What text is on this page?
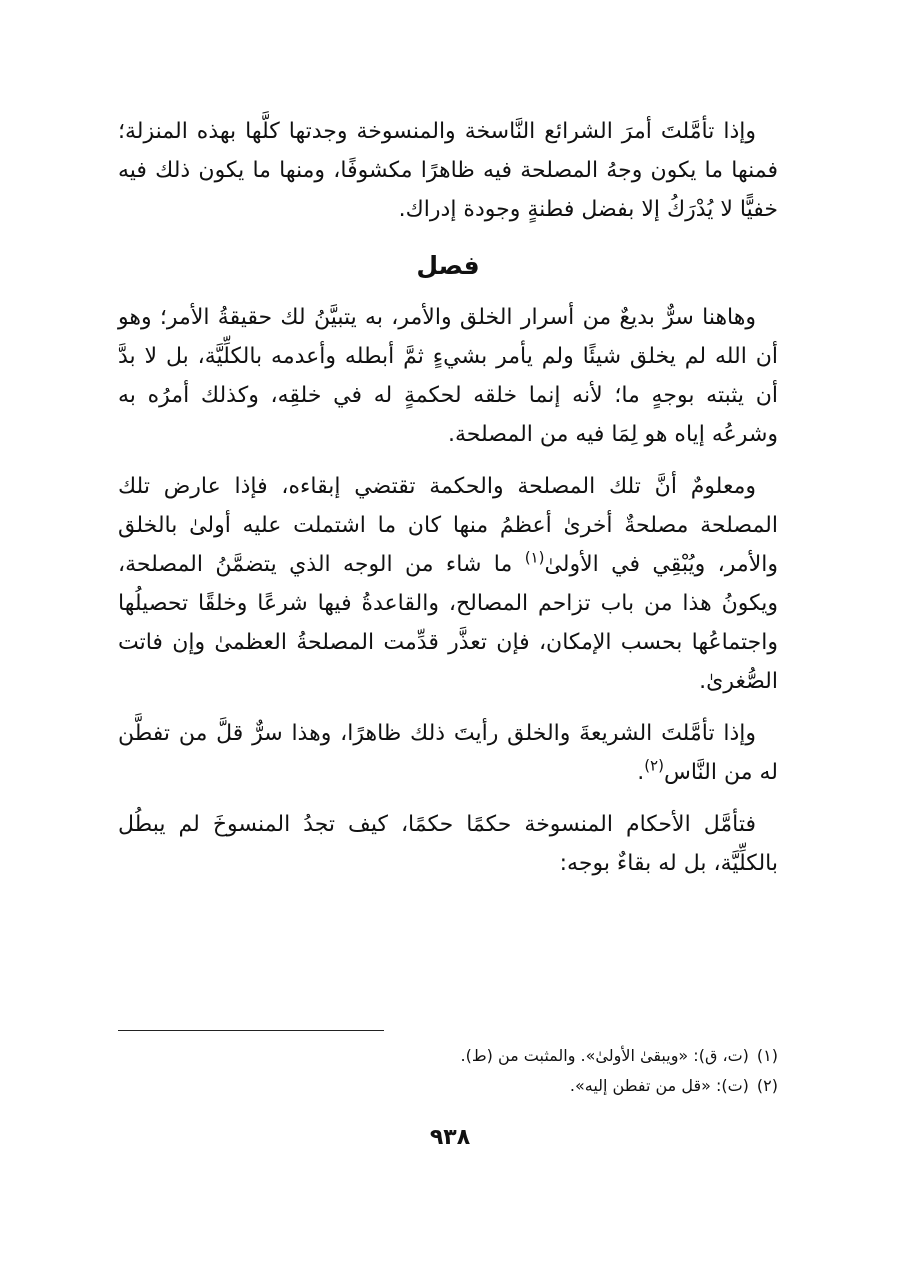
وإذا تأمَّلتَ أمرَ الشرائع النَّاسخة والمنسوخة وجدتها كلَّها بهذه المنزلة؛ فمنها ما يكون وجهُ المصلحة فيه ظاهرًا مكشوفًا، ومنها ما يكون ذلك فيه خفيًّا لا يُدْرَكُ إلا بفضل فطنةٍ وجودة إدراك.

فصل

وهاهنا سرٌّ بديعٌ من أسرار الخلق والأمر، به يتبيَّنُ لك حقيقةُ الأمر؛ وهو أن الله لم يخلق شيئًا ولم يأمر بشيءٍ ثمَّ أبطله وأعدمه بالكلِّيَّة، بل لا بدَّ أن يثبته بوجهٍ ما؛ لأنه إنما خلقه لحكمةٍ له في خلقِه، وكذلك أمرُه به وشرعُه إياه هو لِمَا فيه من المصلحة.

ومعلومٌ أنَّ تلك المصلحة والحكمة تقتضي إبقاءه، فإذا عارض تلك المصلحة مصلحةٌ أخرىٰ أعظمُ منها كان ما اشتملت عليه أولىٰ بالخلق والأمر، ويُبْقِي في الأولىٰ$^{(١)}$ ما شاء من الوجه الذي يتضمَّنُ المصلحة، ويكونُ هذا من باب تزاحم المصالح، والقاعدةُ فيها شرعًا وخلقًا تحصيلُها واجتماعُها بحسب الإمكان، فإن تعذَّر قدِّمت المصلحةُ العظمىٰ وإن فاتت الصُّغرىٰ.

وإذا تأمَّلتَ الشريعةَ والخلق رأيتَ ذلك ظاهرًا، وهذا سرٌّ قلَّ من تفطَّن له من النَّاس$^{(٢)}$.

فتأمَّل الأحكام المنسوخة حكمًا حكمًا، كيف تجدُ المنسوخَ لم يبطُل بالكلِّيَّة، بل له بقاءٌ بوجه:

(١)(ت، ق): «ويبقىٰ الأولىٰ». والمثبت من (ط).

(٢)(ت): «قل من تفطن إليه».

٩٣٨
